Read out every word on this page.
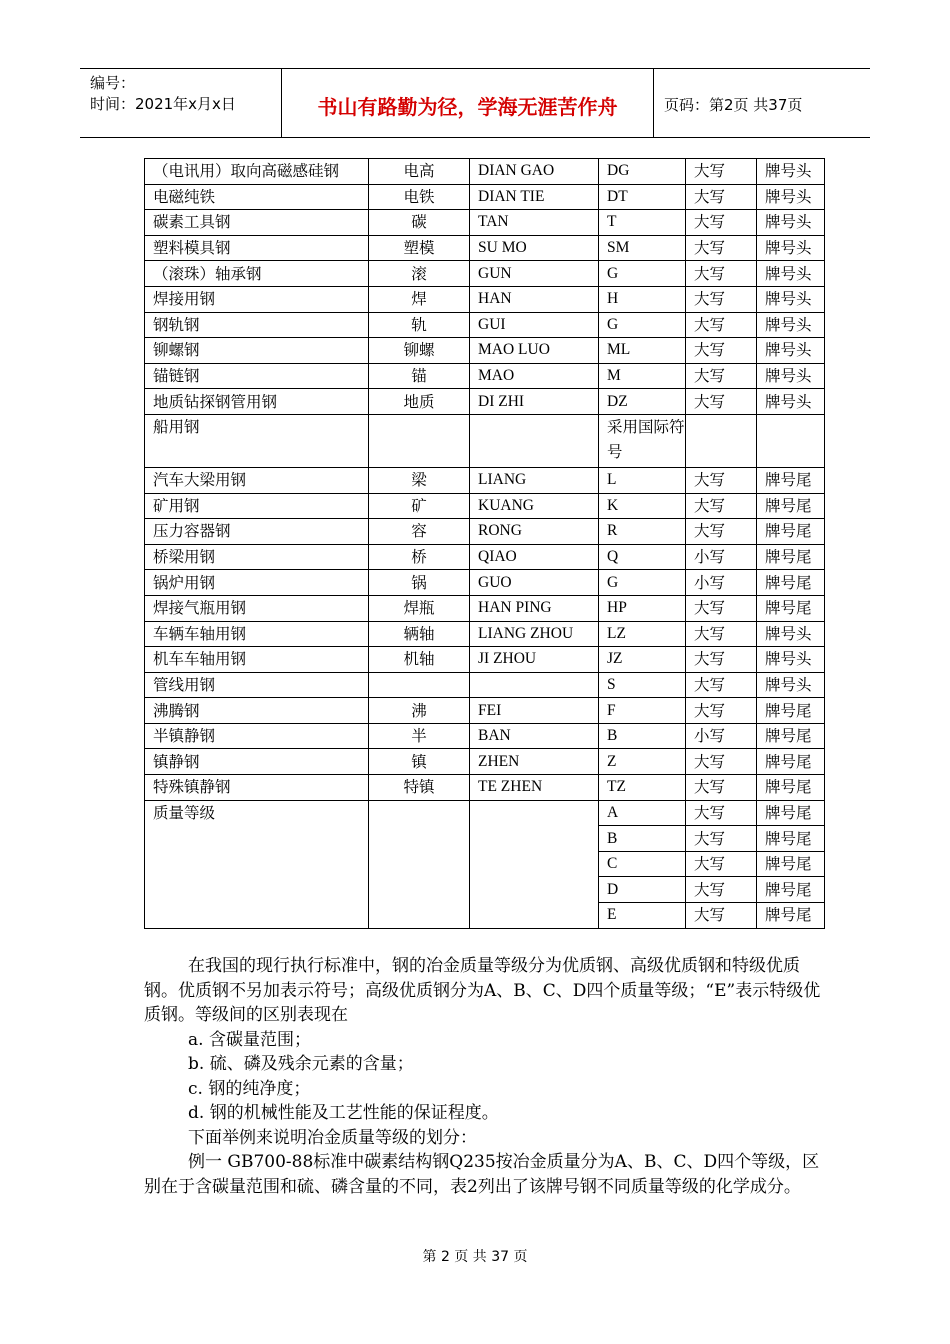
编号：
时间：2021年x月x日	书山有路勤为径，学海无涯苦作舟	页码：第2页 共37页
（电讯用）取向高磁感硅钢	电高	DIAN GAO	DG	大写	牌号头
电磁纯铁	电铁	DIAN TIE	DT	大写	牌号头
碳素工具钢	碳	TAN	T	大写	牌号头
塑料模具钢	塑模	SU MO	SM	大写	牌号头
（滚珠）轴承钢	滚	GUN	G	大写	牌号头
焊接用钢	焊	HAN	H	大写	牌号头
钢轨钢	轨	GUI	G	大写	牌号头
铆螺钢	铆螺	MAO LUO	ML	大写	牌号头
锚链钢	锚	MAO	M	大写	牌号头
地质钻探钢管用钢	地质	DI ZHI	DZ	大写	牌号头
船用钢			采用国际符号		
汽车大梁用钢	梁	LIANG	L	大写	牌号尾
矿用钢	矿	KUANG	K	大写	牌号尾
压力容器钢	容	RONG	R	大写	牌号尾
桥梁用钢	桥	QIAO	Q	小写	牌号尾
锅炉用钢	锅	GUO	G	小写	牌号尾
焊接气瓶用钢	焊瓶	HAN PING	HP	大写	牌号尾
车辆车轴用钢	辆轴	LIANG ZHOU	LZ	大写	牌号头
机车车轴用钢	机轴	JI ZHOU	JZ	大写	牌号头
管线用钢			S	大写	牌号头
沸腾钢	沸	FEI	F	大写	牌号尾
半镇静钢	半	BAN	B	小写	牌号尾
镇静钢	镇	ZHEN	Z	大写	牌号尾
特殊镇静钢	特镇	TE ZHEN	TZ	大写	牌号尾
质量等级			A	大写	牌号尾
			B	大写	牌号尾
			C	大写	牌号尾
			D	大写	牌号尾
			E	大写	牌号尾

在我国的现行执行标准中，钢的冶金质量等级分为优质钢、高级优质钢和特级优质钢。优质钢不另加表示符号；高级优质钢分为A、B、C、D四个质量等级；“E”表示特级优质钢。等级间的区别表现在

a. 含碳量范围；

b. 硫、磷及残余元素的含量；

c. 钢的纯净度；

d. 钢的机械性能及工艺性能的保证程度。

下面举例来说明冶金质量等级的划分：

例一 GB700-88标准中碳素结构钢Q235按冶金质量分为A、B、C、D四个等级，区别在于含碳量范围和硫、磷含量的不同，表2列出了该牌号钢不同质量等级的化学成分。

第 2 页 共 37 页
